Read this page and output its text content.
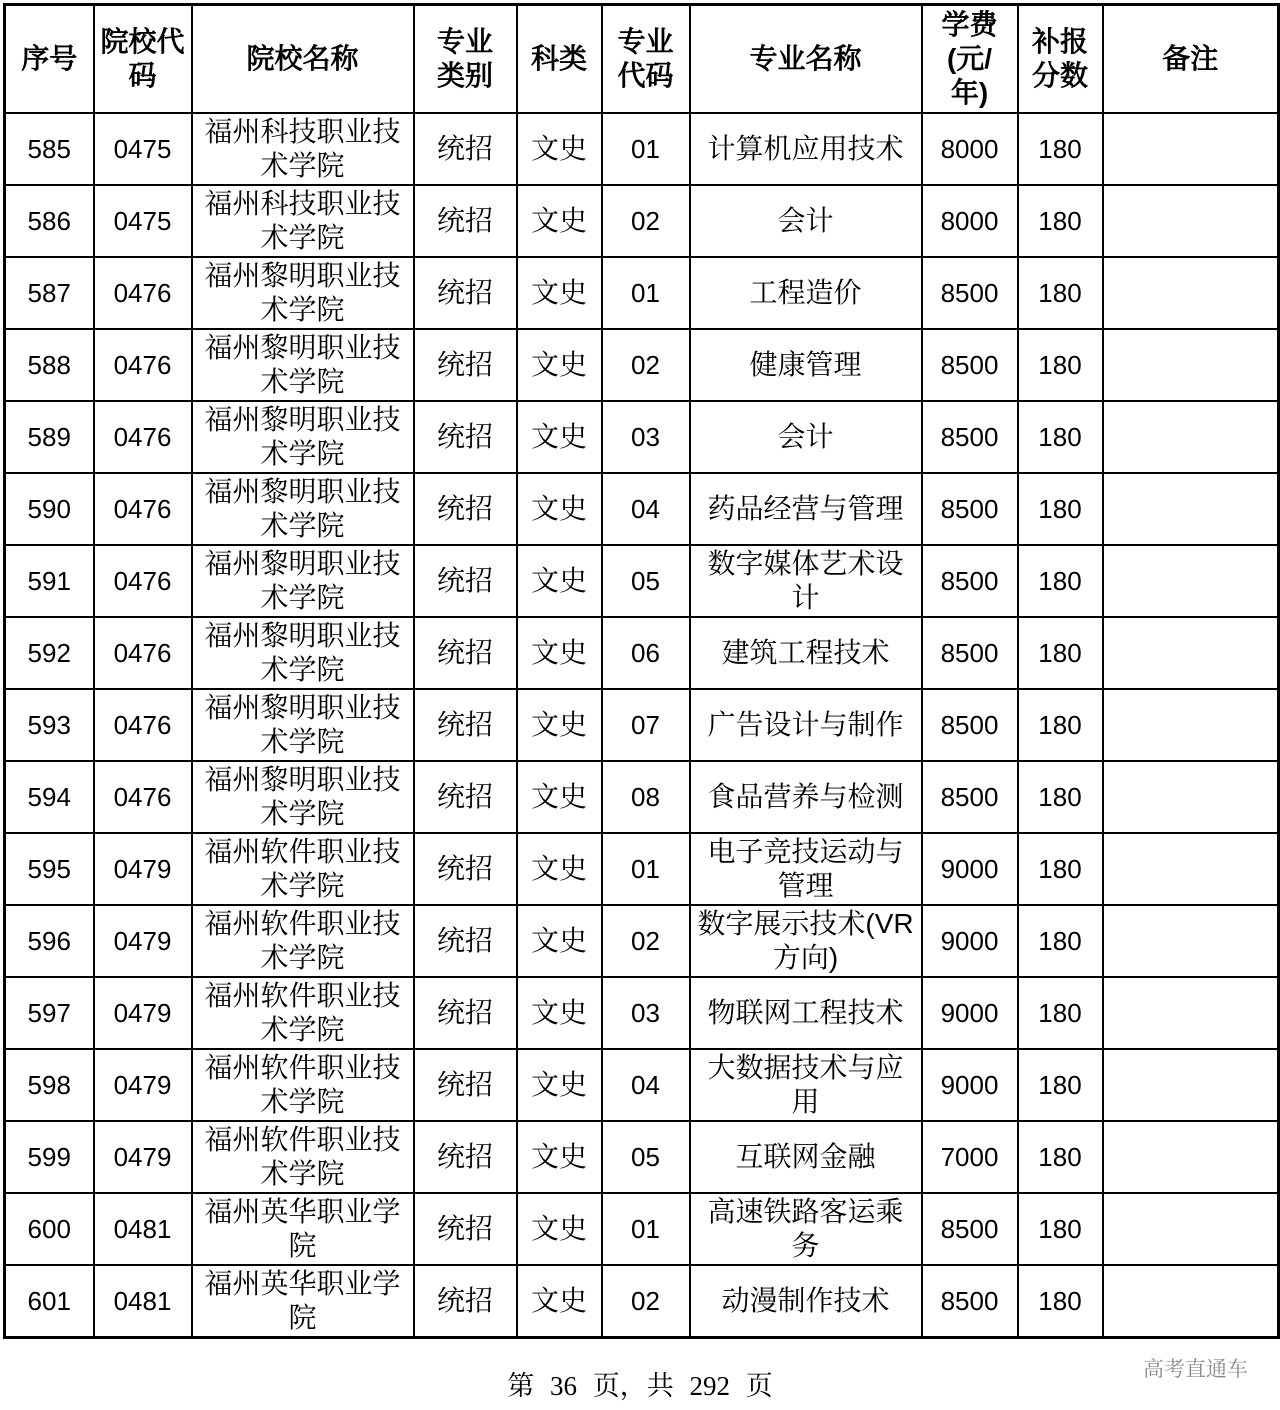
序号	院校代码	院校名称	专业类别	科类	专业代码	专业名称	学费(元/年)	补报分数	备注
585	0475	福州科技职业技术学院	统招	文史	01	计算机应用技术	8000	180	
586	0475	福州科技职业技术学院	统招	文史	02	会计	8000	180	
587	0476	福州黎明职业技术学院	统招	文史	01	工程造价	8500	180	
588	0476	福州黎明职业技术学院	统招	文史	02	健康管理	8500	180	
589	0476	福州黎明职业技术学院	统招	文史	03	会计	8500	180	
590	0476	福州黎明职业技术学院	统招	文史	04	药品经营与管理	8500	180	
591	0476	福州黎明职业技术学院	统招	文史	05	数字媒体艺术设计	8500	180	
592	0476	福州黎明职业技术学院	统招	文史	06	建筑工程技术	8500	180	
593	0476	福州黎明职业技术学院	统招	文史	07	广告设计与制作	8500	180	
594	0476	福州黎明职业技术学院	统招	文史	08	食品营养与检测	8500	180	
595	0479	福州软件职业技术学院	统招	文史	01	电子竞技运动与管理	9000	180	
596	0479	福州软件职业技术学院	统招	文史	02	数字展示技术(VR方向)	9000	180	
597	0479	福州软件职业技术学院	统招	文史	03	物联网工程技术	9000	180	
598	0479	福州软件职业技术学院	统招	文史	04	大数据技术与应用	9000	180	
599	0479	福州软件职业技术学院	统招	文史	05	互联网金融	7000	180	
600	0481	福州英华职业学院	统招	文史	01	高速铁路客运乘务	8500	180	
601	0481	福州英华职业学院	统招	文史	02	动漫制作技术	8500	180	
高考直通车
第 36 页，共 292 页
